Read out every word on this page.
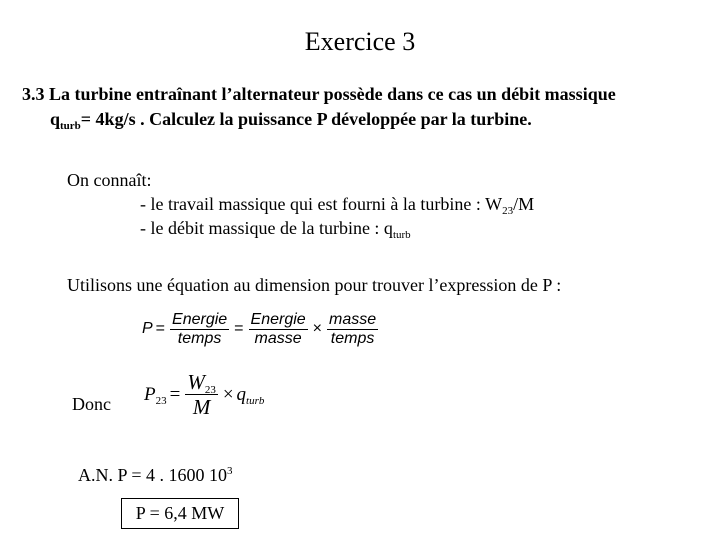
Exercice 3
3.3 La turbine entraînant l’alternateur possède dans ce cas un débit massique
$q_{turb}= 4kg/s$ . Calculez la puissance P développée par la turbine.
On connaît:
- le travail massique qui est fourni à la turbine : $W_{23}/M$
- le débit massique de la turbine : $q_{turb}$
Utilisons une équation au dimension pour trouver l’expression de P :
$P = \frac{\text{Energie}}{\text{temps}} = \frac{\text{Energie}}{\text{masse}} \times \frac{\text{masse}}{\text{temps}}$
Donc $P_{23} = \frac{W_{23}}{M} \times q_{turb}$
A.N. P = 4 . 1600 $10^3$
P = 6,4 MW
